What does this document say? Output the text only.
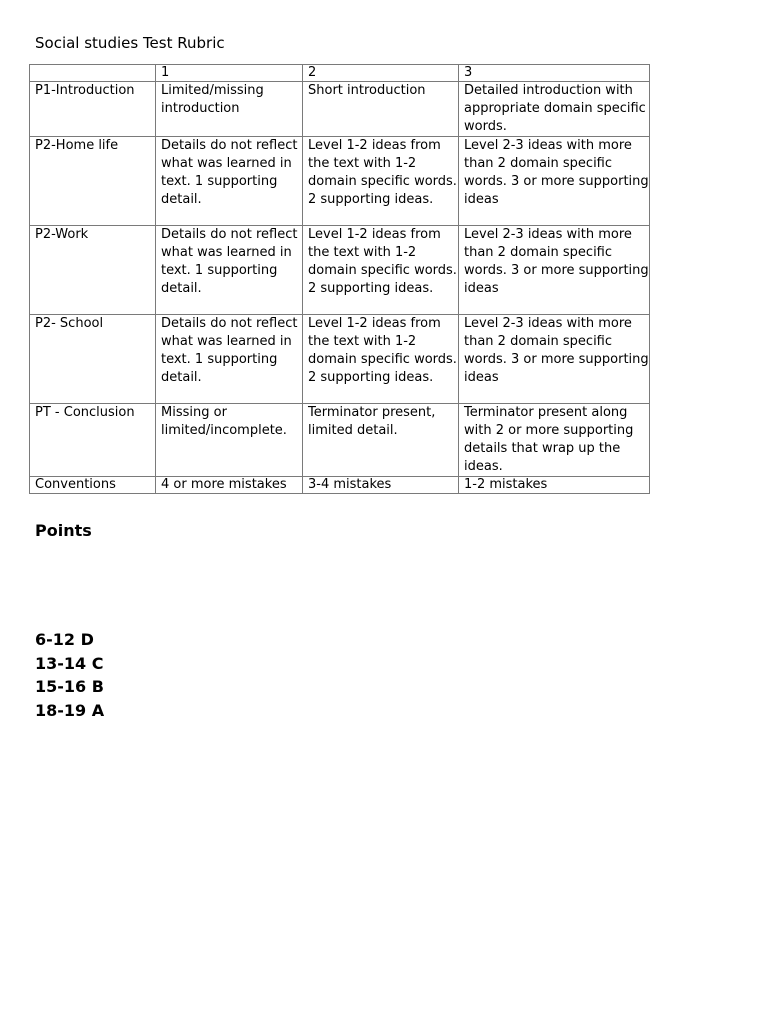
Social studies Test Rubric
	1	2	3
P1-Introduction	Limited/missing introduction	Short introduction	Detailed introduction with appropriate domain specific words.
P2-Home life	Details do not reflect what was learned in text. 1 supporting detail.	Level 1-2 ideas from the text with 1-2 domain specific words. 2 supporting ideas.	Level 2-3 ideas with more than 2 domain specific words. 3 or more supporting ideas
P2-Work	Details do not reflect what was learned in text. 1 supporting detail.	Level 1-2 ideas from the text with 1-2 domain specific words. 2 supporting ideas.	Level 2-3 ideas with more than 2 domain specific words. 3 or more supporting ideas
P2- School	Details do not reflect what was learned in text. 1 supporting detail.	Level 1-2 ideas from the text with 1-2 domain specific words. 2 supporting ideas.	Level 2-3 ideas with more than 2 domain specific words. 3 or more supporting ideas
PT - Conclusion	Missing or limited/incomplete.	Terminator present, limited detail.	Terminator present along with 2 or more supporting details that wrap up the ideas.
Conventions	4 or more mistakes	3-4 mistakes	1-2 mistakes
Points
6-12 D
13-14 C
15-16 B
18-19 A
